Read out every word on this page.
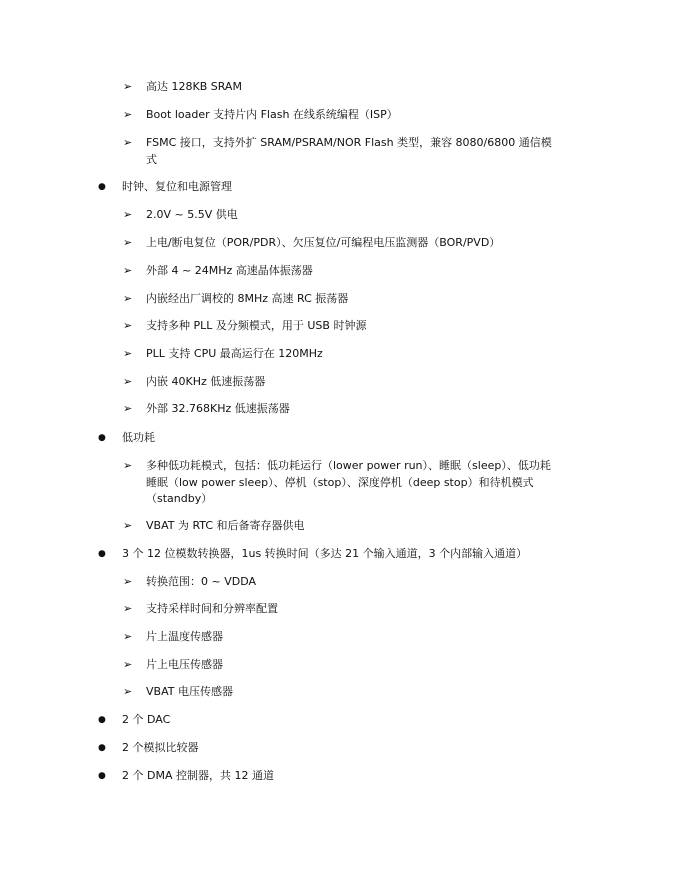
➢ 高达 128KB SRAM
➢ Boot loader 支持片内 Flash 在线系统编程（ISP）
➢ FSMC 接口，支持外扩 SRAM/PSRAM/NOR Flash 类型，兼容 8080/6800 通信模式
● 时钟、复位和电源管理
➢ 2.0V ~ 5.5V 供电
➢ 上电/断电复位（POR/PDR）、欠压复位/可编程电压监测器（BOR/PVD）
➢ 外部 4 ~ 24MHz 高速晶体振荡器
➢ 内嵌经出厂调校的 8MHz 高速 RC 振荡器
➢ 支持多种 PLL 及分频模式，用于 USB 时钟源
➢ PLL 支持 CPU 最高运行在 120MHz
➢ 内嵌 40KHz 低速振荡器
➢ 外部 32.768KHz 低速振荡器
● 低功耗
➢ 多种低功耗模式，包括：低功耗运行（lower power run）、睡眠（sleep）、低功耗睡眠（low power sleep）、停机（stop）、深度停机（deep stop）和待机模式（standby）
➢ VBAT 为 RTC 和后备寄存器供电
● 3 个 12 位模数转换器，1us 转换时间（多达 21 个输入通道，3 个内部输入通道）
➢ 转换范围：0 ~ VDDA
➢ 支持采样时间和分辨率配置
➢ 片上温度传感器
➢ 片上电压传感器
➢ VBAT 电压传感器
● 2 个 DAC
● 2 个模拟比较器
● 2 个 DMA 控制器，共 12 通道
